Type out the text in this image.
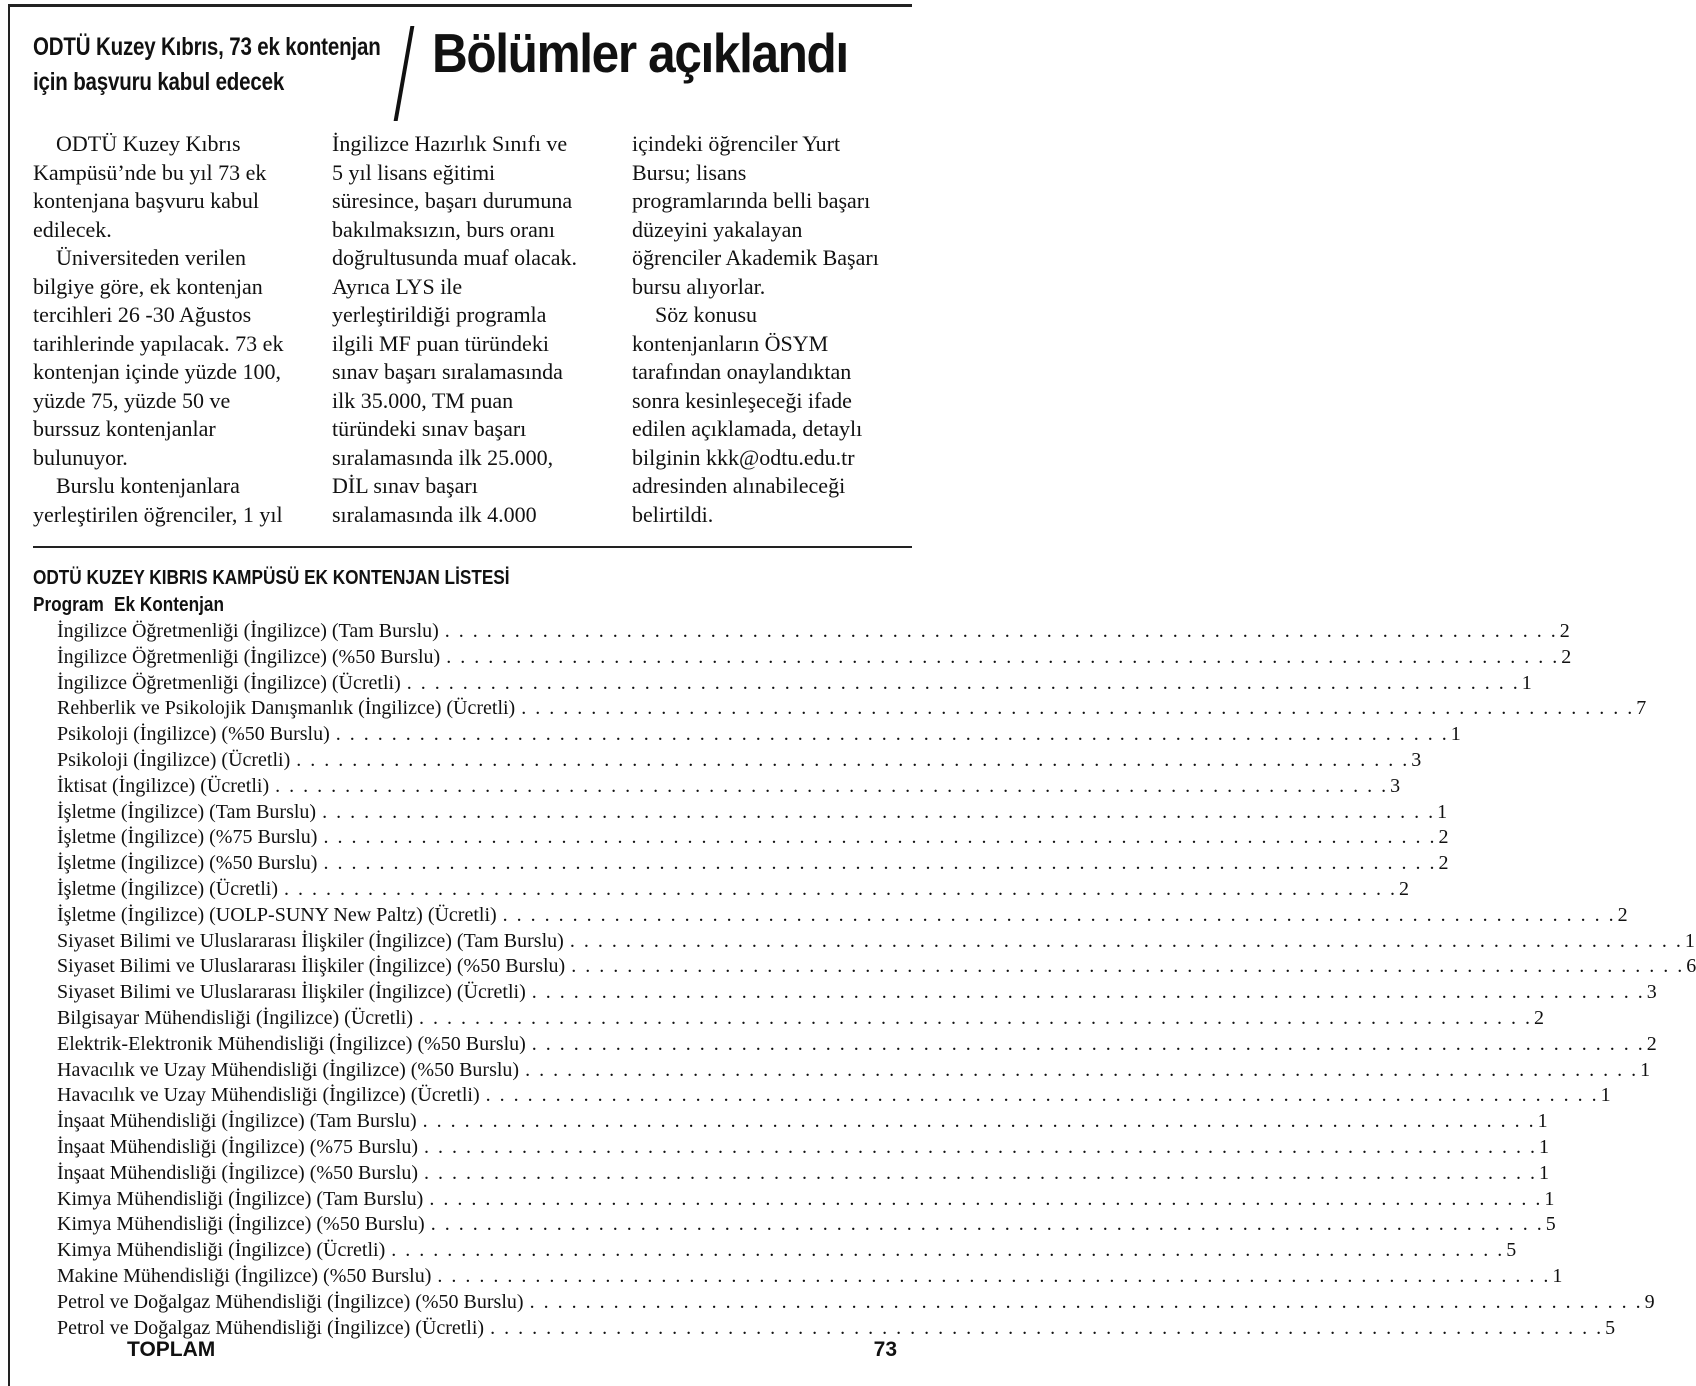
ODTÜ Kuzey Kıbrıs, 73 ek kontenjan
için başvuru kabul edecek	Bölümler açıklandı

ODTÜ Kuzey Kıbrıs

Kampüsü’nde bu yıl 73 ek

kontenjana başvuru kabul

edilecek.

Üniversiteden verilen

bilgiye göre, ek kontenjan

tercihleri 26 -30 Ağustos

tarihlerinde yapılacak. 73 ek

kontenjan içinde yüzde 100,

yüzde 75, yüzde 50 ve

burssuz kontenjanlar

bulunuyor.

Burslu kontenjanlara

yerleştirilen öğrenciler, 1 yıl

İngilizce Hazırlık Sınıfı ve

5 yıl lisans eğitimi

süresince, başarı durumuna

bakılmaksızın, burs oranı

doğrultusunda muaf olacak.

Ayrıca LYS ile

yerleştirildiği programla

ilgili MF puan türündeki

sınav başarı sıralamasında

ilk 35.000, TM puan

türündeki sınav başarı

sıralamasında ilk 25.000,

DİL sınav başarı

sıralamasında ilk 4.000

içindeki öğrenciler Yurt

Bursu; lisans

programlarında belli başarı

düzeyini yakalayan

öğrenciler Akademik Başarı

bursu alıyorlar.

Söz konusu

kontenjanların ÖSYM

tarafından onaylandıktan

sonra kesinleşeceği ifade

edilen açıklamada, detaylı

bilginin kkk@odtu.edu.tr

adresinden alınabileceği

belirtildi.

ODTÜ KUZEY KIBRIS KAMPÜSÜ EK KONTENJAN LİSTESİ
Program Ek Kontenjan
İngilizce Öğretmenliği (İngilizce) (Tam Burslu) . . . . . . . . . . . . . . . . . . . . . . . . . . . . . . . . . . . . . . . . . . . . . . . . . . . . . . . . . . . . . . . . . . . . . . . . . . . . . . . . 2
İngilizce Öğretmenliği (İngilizce) (%50 Burslu) . . . . . . . . . . . . . . . . . . . . . . . . . . . . . . . . . . . . . . . . . . . . . . . . . . . . . . . . . . . . . . . . . . . . . . . . . . . . . . . . 2
İngilizce Öğretmenliği (İngilizce) (Ücretli) . . . . . . . . . . . . . . . . . . . . . . . . . . . . . . . . . . . . . . . . . . . . . . . . . . . . . . . . . . . . . . . . . . . . . . . . . . . . . . . . 1
Rehberlik ve Psikolojik Danışmanlık (İngilizce) (Ücretli) . . . . . . . . . . . . . . . . . . . . . . . . . . . . . . . . . . . . . . . . . . . . . . . . . . . . . . . . . . . . . . . . . . . . . . . . . . . . . . . . 7
Psikoloji (İngilizce) (%50 Burslu) . . . . . . . . . . . . . . . . . . . . . . . . . . . . . . . . . . . . . . . . . . . . . . . . . . . . . . . . . . . . . . . . . . . . . . . . . . . . . . . . 1
Psikoloji (İngilizce) (Ücretli) . . . . . . . . . . . . . . . . . . . . . . . . . . . . . . . . . . . . . . . . . . . . . . . . . . . . . . . . . . . . . . . . . . . . . . . . . . . . . . . . 3
İktisat (İngilizce) (Ücretli) . . . . . . . . . . . . . . . . . . . . . . . . . . . . . . . . . . . . . . . . . . . . . . . . . . . . . . . . . . . . . . . . . . . . . . . . . . . . . . . . 3
İşletme (İngilizce) (Tam Burslu) . . . . . . . . . . . . . . . . . . . . . . . . . . . . . . . . . . . . . . . . . . . . . . . . . . . . . . . . . . . . . . . . . . . . . . . . . . . . . . . . 1
İşletme (İngilizce) (%75 Burslu) . . . . . . . . . . . . . . . . . . . . . . . . . . . . . . . . . . . . . . . . . . . . . . . . . . . . . . . . . . . . . . . . . . . . . . . . . . . . . . . . 2
İşletme (İngilizce) (%50 Burslu) . . . . . . . . . . . . . . . . . . . . . . . . . . . . . . . . . . . . . . . . . . . . . . . . . . . . . . . . . . . . . . . . . . . . . . . . . . . . . . . . 2
İşletme (İngilizce) (Ücretli) . . . . . . . . . . . . . . . . . . . . . . . . . . . . . . . . . . . . . . . . . . . . . . . . . . . . . . . . . . . . . . . . . . . . . . . . . . . . . . . . 2
İşletme (İngilizce) (UOLP-SUNY New Paltz) (Ücretli) . . . . . . . . . . . . . . . . . . . . . . . . . . . . . . . . . . . . . . . . . . . . . . . . . . . . . . . . . . . . . . . . . . . . . . . . . . . . . . . . 2
Siyaset Bilimi ve Uluslararası İlişkiler (İngilizce) (Tam Burslu) . . . . . . . . . . . . . . . . . . . . . . . . . . . . . . . . . . . . . . . . . . . . . . . . . . . . . . . . . . . . . . . . . . . . . . . . . . . . . . . . 1
Siyaset Bilimi ve Uluslararası İlişkiler (İngilizce) (%50 Burslu) . . . . . . . . . . . . . . . . . . . . . . . . . . . . . . . . . . . . . . . . . . . . . . . . . . . . . . . . . . . . . . . . . . . . . . . . . . . . . . . . 6
Siyaset Bilimi ve Uluslararası İlişkiler (İngilizce) (Ücretli) . . . . . . . . . . . . . . . . . . . . . . . . . . . . . . . . . . . . . . . . . . . . . . . . . . . . . . . . . . . . . . . . . . . . . . . . . . . . . . . . 3
Bilgisayar Mühendisliği (İngilizce) (Ücretli) . . . . . . . . . . . . . . . . . . . . . . . . . . . . . . . . . . . . . . . . . . . . . . . . . . . . . . . . . . . . . . . . . . . . . . . . . . . . . . . . 2
Elektrik-Elektronik Mühendisliği (İngilizce) (%50 Burslu) . . . . . . . . . . . . . . . . . . . . . . . . . . . . . . . . . . . . . . . . . . . . . . . . . . . . . . . . . . . . . . . . . . . . . . . . . . . . . . . . 2
Havacılık ve Uzay Mühendisliği (İngilizce) (%50 Burslu) . . . . . . . . . . . . . . . . . . . . . . . . . . . . . . . . . . . . . . . . . . . . . . . . . . . . . . . . . . . . . . . . . . . . . . . . . . . . . . . . 1
Havacılık ve Uzay Mühendisliği (İngilizce) (Ücretli) . . . . . . . . . . . . . . . . . . . . . . . . . . . . . . . . . . . . . . . . . . . . . . . . . . . . . . . . . . . . . . . . . . . . . . . . . . . . . . . . 1
İnşaat Mühendisliği (İngilizce) (Tam Burslu) . . . . . . . . . . . . . . . . . . . . . . . . . . . . . . . . . . . . . . . . . . . . . . . . . . . . . . . . . . . . . . . . . . . . . . . . . . . . . . . . 1
İnşaat Mühendisliği (İngilizce) (%75 Burslu) . . . . . . . . . . . . . . . . . . . . . . . . . . . . . . . . . . . . . . . . . . . . . . . . . . . . . . . . . . . . . . . . . . . . . . . . . . . . . . . . 1
İnşaat Mühendisliği (İngilizce) (%50 Burslu) . . . . . . . . . . . . . . . . . . . . . . . . . . . . . . . . . . . . . . . . . . . . . . . . . . . . . . . . . . . . . . . . . . . . . . . . . . . . . . . . 1
Kimya Mühendisliği (İngilizce) (Tam Burslu) . . . . . . . . . . . . . . . . . . . . . . . . . . . . . . . . . . . . . . . . . . . . . . . . . . . . . . . . . . . . . . . . . . . . . . . . . . . . . . . . 1
Kimya Mühendisliği (İngilizce) (%50 Burslu) . . . . . . . . . . . . . . . . . . . . . . . . . . . . . . . . . . . . . . . . . . . . . . . . . . . . . . . . . . . . . . . . . . . . . . . . . . . . . . . . 5
Kimya Mühendisliği (İngilizce) (Ücretli) . . . . . . . . . . . . . . . . . . . . . . . . . . . . . . . . . . . . . . . . . . . . . . . . . . . . . . . . . . . . . . . . . . . . . . . . . . . . . . . . 5
Makine Mühendisliği (İngilizce) (%50 Burslu) . . . . . . . . . . . . . . . . . . . . . . . . . . . . . . . . . . . . . . . . . . . . . . . . . . . . . . . . . . . . . . . . . . . . . . . . . . . . . . . . 1
Petrol ve Doğalgaz Mühendisliği (İngilizce) (%50 Burslu) . . . . . . . . . . . . . . . . . . . . . . . . . . . . . . . . . . . . . . . . . . . . . . . . . . . . . . . . . . . . . . . . . . . . . . . . . . . . . . . . 9
Petrol ve Doğalgaz Mühendisliği (İngilizce) (Ücretli) . . . . . . . . . . . . . . . . . . . . . . . . . . . . . . . . . . . . . . . . . . . . . . . . . . . . . . . . . . . . . . . . . . . . . . . . . . . . . . . . 5
TOPLAM	73
